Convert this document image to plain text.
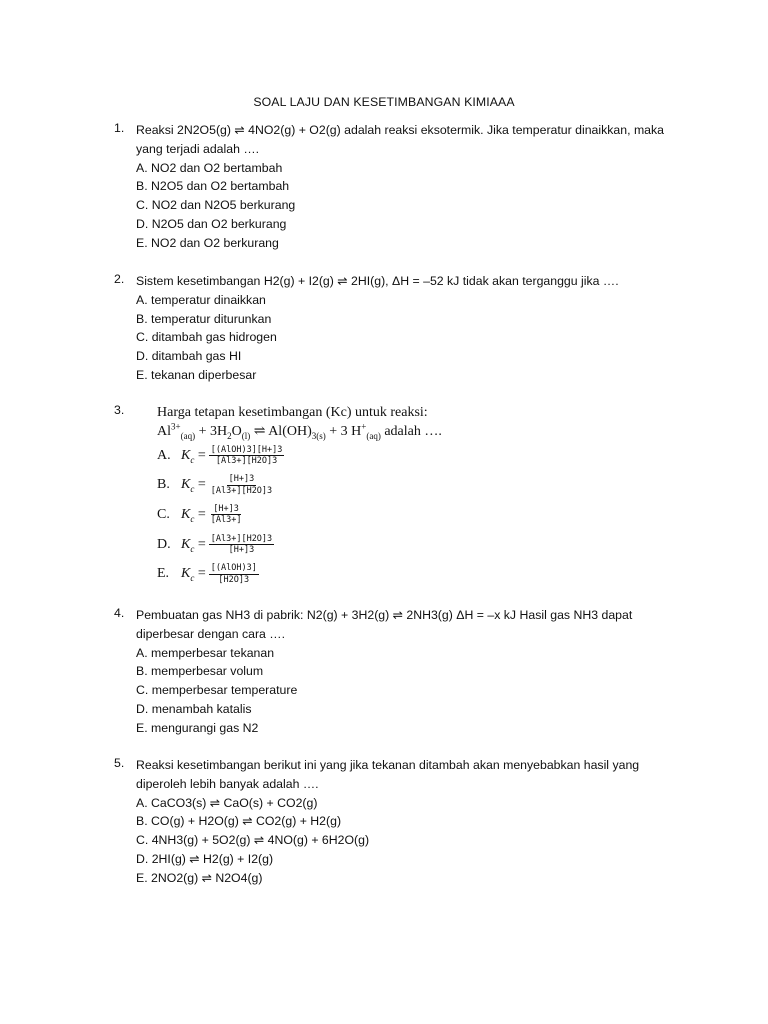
SOAL LAJU DAN KESETIMBANGAN KIMIAAA
1. Reaksi 2N2O5(g) ⇌ 4NO2(g) + O2(g) adalah reaksi eksotermik. Jika temperatur dinaikkan, maka
yang terjadi adalah ….
A. NO2 dan O2 bertambah
B. N2O5 dan O2 bertambah
C. NO2 dan N2O5 berkurang
D. N2O5 dan O2 berkurang
E. NO2 dan O2 berkurang
2. Sistem kesetimbangan H2(g) + I2(g) ⇌ 2HI(g), ΔH = –52 kJ tidak akan terganggu jika ….
A. temperatur dinaikkan
B. temperatur diturunkan
C. ditambah gas hidrogen
D. ditambah gas HI
E. tekanan diperbesar
3. Harga tetapan kesetimbangan (Kc) untuk reaksi:
$Al^{3+}_{(aq)} + 3H_2O_{(l)}$ ⇌ $Al(OH)_{3(s)} + 3$ $H^+_{(aq)}$ adalah ….
A. $K_c = \frac{\text{[(AlOH)3][H+]3}}{[Al3+][H2O]3}$
B. $K_c = \frac{[H+]3}{[Al3+][H2O]3}$
C. $K_c = \frac{[H+]3}{[Al3+]}$
D. $K_c = \frac{[Al3+][H2O]3}{[H+]3}$
E. $K_c = \frac{\text{[(AlOH)3]}}{[H2O]3}$
4. Pembuatan gas NH3 di pabrik: N2(g) + 3H2(g) ⇌ 2NH3(g) ΔH = –x kJ Hasil gas NH3 dapat
diperbesar dengan cara ….
A. memperbesar tekanan
B. memperbesar volum
C. memperbesar temperature
D. menambah katalis
E. mengurangi gas N2
5. Reaksi kesetimbangan berikut ini yang jika tekanan ditambah akan menyebabkan hasil yang
diperoleh lebih banyak adalah ….
A. CaCO3(s) ⇌ CaO(s) + CO2(g)
B. CO(g) + H2O(g) ⇌ CO2(g) + H2(g)
C. 4NH3(g) + 5O2(g) ⇌ 4NO(g) + 6H2O(g)
D. 2HI(g) ⇌ H2(g) + I2(g)
E. 2NO2(g) ⇌ N2O4(g)
